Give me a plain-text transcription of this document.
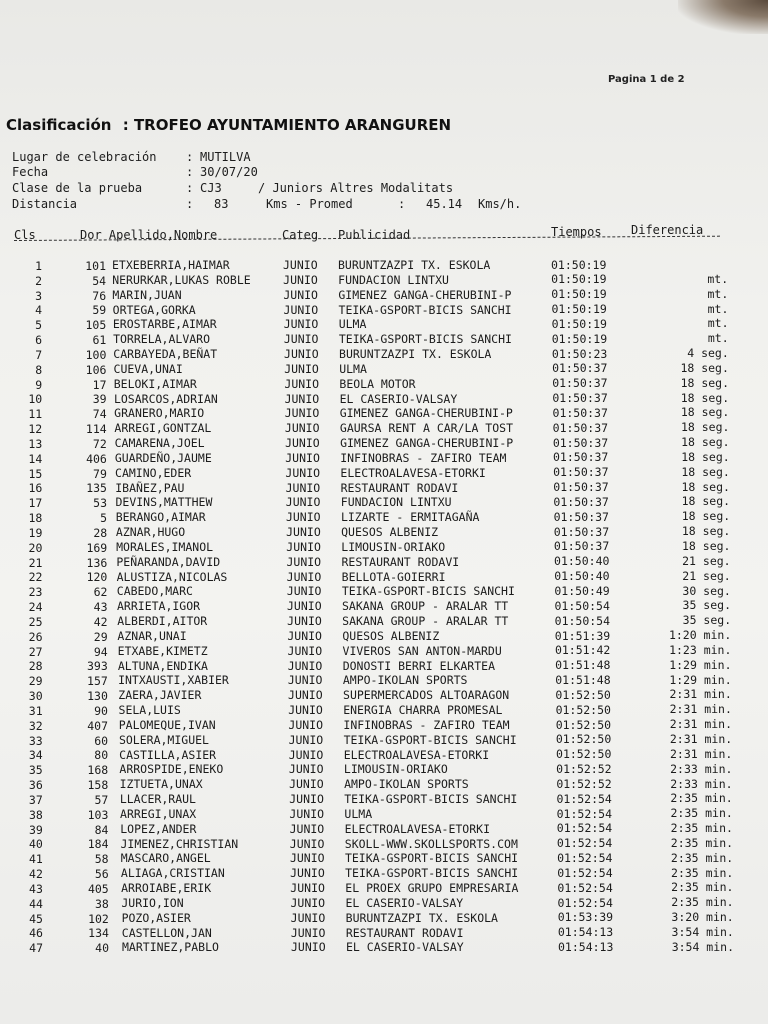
Pagina 1 de 2
Clasificación : TROFEO AYUNTAMIENTO ARANGUREN

Lugar de celebración

:

MUTILVA

Fecha

	:

30/07/20

Clase de la prueba

	:

CJ3

	/ Juniors Altres Modalitats

Distancia

	:

83

	Kms - Promed

	:

45.14

Kms/h.

Cls	Dor Apellido,Nombre	Categ Publicidad	Tiempos Diferencia
1	101 ETXEBERRIA,HAIMAR	JUNIO BURUNTZAZPI TX. ESKOLA	01:50:19
2	54 NERURKAR,LUKAS ROBLE	JUNIO FUNDACION LINTXU	01:50:19	mt.
3	76 MARIN,JUAN	JUNIO GIMENEZ GANGA-CHERUBINI-P	01:50:19	mt.
4	59 ORTEGA,GORKA	JUNIO TEIKA-GSPORT-BICIS SANCHI	01:50:19	mt.
5	105 EROSTARBE,AIMAR	JUNIO ULMA	01:50:19	mt.
6	61 TORRELA,ALVARO	JUNIO TEIKA-GSPORT-BICIS SANCHI	01:50:19	mt.
7	100 CARBAYEDA,BEÑAT	JUNIO BURUNTZAZPI TX. ESKOLA	01:50:23	4 seg.
8	106 CUEVA,UNAI	JUNIO ULMA	01:50:37	18 seg.
9	17 BELOKI,AIMAR	JUNIO BEOLA MOTOR	01:50:37	18 seg.
10	39 LOSARCOS,ADRIAN	JUNIO EL CASERIO-VALSAY	01:50:37	18 seg.
11	74 GRANERO,MARIO	JUNIO GIMENEZ GANGA-CHERUBINI-P	01:50:37	18 seg.
12	114 ARREGI,GONTZAL	JUNIO GAURSA RENT A CAR/LA TOST	01:50:37	18 seg.
13	72 CAMARENA,JOEL	JUNIO GIMENEZ GANGA-CHERUBINI-P	01:50:37	18 seg.
14	406 GUARDEÑO,JAUME	JUNIO INFINOBRAS - ZAFIRO TEAM	01:50:37	18 seg.
15	79 CAMINO,EDER	JUNIO ELECTROALAVESA-ETORKI	01:50:37	18 seg.
16	135 IBAÑEZ,PAU	JUNIO RESTAURANT RODAVI	01:50:37	18 seg.
17	53 DEVINS,MATTHEW	JUNIO FUNDACION LINTXU	01:50:37	18 seg.
18	5 BERANGO,AIMAR	JUNIO LIZARTE - ERMITAGAÑA	01:50:37	18 seg.
19	28 AZNAR,HUGO	JUNIO QUESOS ALBENIZ	01:50:37	18 seg.
20	169 MORALES,IMANOL	JUNIO LIMOUSIN-ORIAKO	01:50:37	18 seg.
21	136 PEÑARANDA,DAVID	JUNIO RESTAURANT RODAVI	01:50:40	21 seg.
22	120 ALUSTIZA,NICOLAS	JUNIO BELLOTA-GOIERRI	01:50:40	21 seg.
23	62 CABEDO,MARC	JUNIO TEIKA-GSPORT-BICIS SANCHI	01:50:49	30 seg.
24	43 ARRIETA,IGOR	JUNIO SAKANA GROUP - ARALAR TT	01:50:54	35 seg.
25	42 ALBERDI,AITOR	JUNIO SAKANA GROUP - ARALAR TT	01:50:54	35 seg.
26	29 AZNAR,UNAI	JUNIO QUESOS ALBENIZ	01:51:39	1:20 min.
27	94 ETXABE,KIMETZ	JUNIO VIVEROS SAN ANTON-MARDU	01:51:42	1:23 min.
28	393 ALTUNA,ENDIKA	JUNIO DONOSTI BERRI ELKARTEA	01:51:48	1:29 min.
29	157 INTXAUSTI,XABIER	JUNIO AMPO-IKOLAN SPORTS	01:51:48	1:29 min.
30	130 ZAERA,JAVIER	JUNIO SUPERMERCADOS ALTOARAGON	01:52:50	2:31 min.
31	90 SELA,LUIS	JUNIO ENERGIA CHARRA PROMESAL	01:52:50	2:31 min.
32	407 PALOMEQUE,IVAN	JUNIO INFINOBRAS - ZAFIRO TEAM	01:52:50	2:31 min.
33	60 SOLERA,MIGUEL	JUNIO TEIKA-GSPORT-BICIS SANCHI	01:52:50	2:31 min.
34	80 CASTILLA,ASIER	JUNIO ELECTROALAVESA-ETORKI	01:52:50	2:31 min.
35	168 ARROSPIDE,ENEKO	JUNIO LIMOUSIN-ORIAKO	01:52:52	2:33 min.
36	158 IZTUETA,UNAX	JUNIO AMPO-IKOLAN SPORTS	01:52:52	2:33 min.
37	57 LLACER,RAUL	JUNIO TEIKA-GSPORT-BICIS SANCHI	01:52:54	2:35 min.
38	103 ARREGI,UNAX	JUNIO ULMA	01:52:54	2:35 min.
39	84 LOPEZ,ANDER	JUNIO ELECTROALAVESA-ETORKI	01:52:54	2:35 min.
40	184 JIMENEZ,CHRISTIAN	JUNIO SKOLL-WWW.SKOLLSPORTS.COM	01:52:54	2:35 min.
41	58 MASCARO,ANGEL	JUNIO TEIKA-GSPORT-BICIS SANCHI	01:52:54	2:35 min.
42	56 ALIAGA,CRISTIAN	JUNIO TEIKA-GSPORT-BICIS SANCHI	01:52:54	2:35 min.
43	405 ARROIABE,ERIK	JUNIO EL PROEX GRUPO EMPRESARIA	01:52:54	2:35 min.
44	38 JURIO,ION	JUNIO EL CASERIO-VALSAY	01:52:54	2:35 min.
45	102 POZO,ASIER	JUNIO BURUNTZAZPI TX. ESKOLA	01:53:39	3:20 min.
46	134 CASTELLON,JAN	JUNIO RESTAURANT RODAVI	01:54:13	3:54 min.
47	40 MARTINEZ,PABLO	JUNIO EL CASERIO-VALSAY	01:54:13	3:54 min.
